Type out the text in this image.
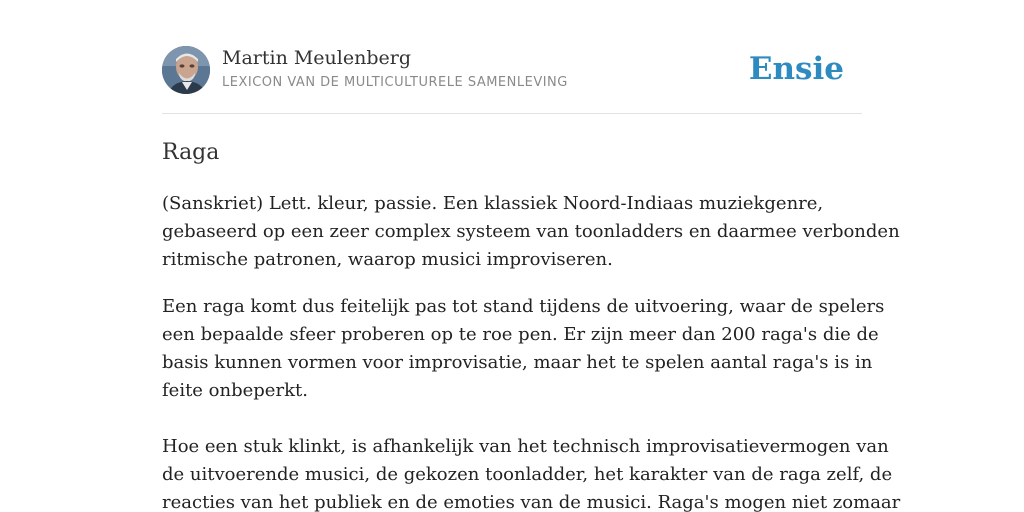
Martin Meulenberg
LEXICON VAN DE MULTICULTURELE SAMENLEVING	Ensie
Raga

(Sanskriet) Lett. kleur, passie. Een klassiek Noord-Indiaas muziekgenre,
gebaseerd op een zeer complex systeem van toonladders en daarmee verbonden
ritmische patronen, waarop musici improviseren.

Een raga komt dus feitelijk pas tot stand tijdens de uitvoering, waar de spelers
een bepaalde sfeer proberen op te roe pen. Er zijn meer dan 200 raga's die de
basis kunnen vormen voor improvisatie, maar het te spelen aantal raga's is in
feite onbeperkt.
Hoe een stuk klinkt, is afhankelijk van het technisch improvisatievermogen van
de uitvoerende musici, de gekozen toonladder, het karakter van de raga zelf, de
reacties van het publiek en de emoties van de musici. Raga's mogen niet zomaar
